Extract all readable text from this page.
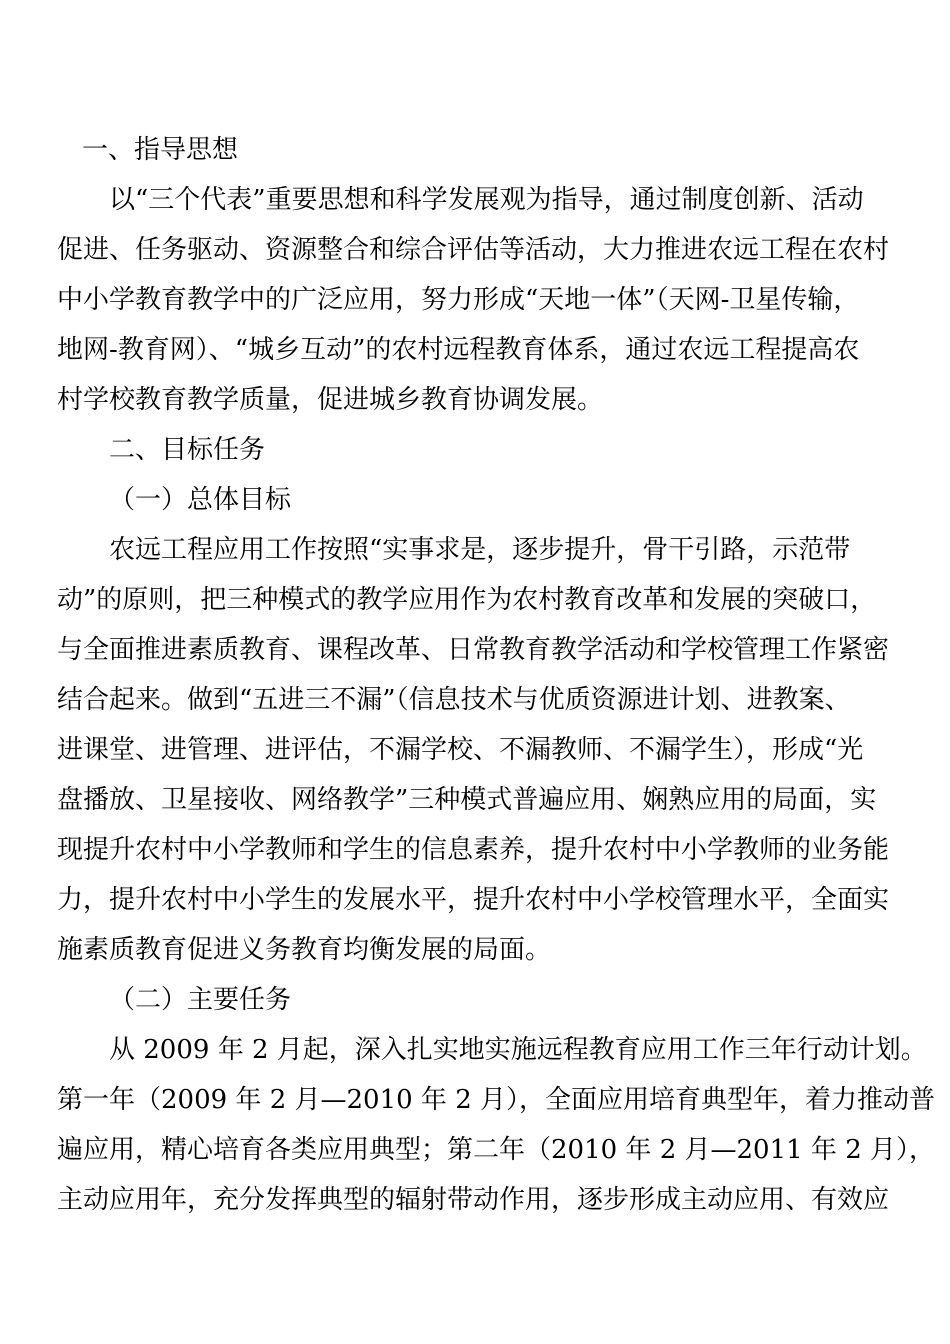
一、指导思想
以“三个代表”重要思想和科学发展观为指导，通过制度创新、活动
促进、任务驱动、资源整合和综合评估等活动，大力推进农远工程在农村
中小学教育教学中的广泛应用，努力形成“天地一体”（天网-卫星传输，
地网-教育网）、“城乡互动”的农村远程教育体系，通过农远工程提高农
村学校教育教学质量，促进城乡教育协调发展。
二、目标任务
（一）总体目标
农远工程应用工作按照“实事求是，逐步提升，骨干引路，示范带
动”的原则，把三种模式的教学应用作为农村教育改革和发展的突破口，
与全面推进素质教育、课程改革、日常教育教学活动和学校管理工作紧密
结合起来。做到“五进三不漏”（信息技术与优质资源进计划、进教案、
进课堂、进管理、进评估，不漏学校、不漏教师、不漏学生），形成“光
盘播放、卫星接收、网络教学”三种模式普遍应用、娴熟应用的局面，实
现提升农村中小学教师和学生的信息素养，提升农村中小学教师的业务能
力，提升农村中小学生的发展水平，提升农村中小学校管理水平，全面实
施素质教育促进义务教育均衡发展的局面。
（二）主要任务
从 2009 年 2 月起，深入扎实地实施远程教育应用工作三年行动计划。
第一年（2009 年 2 月—2010 年 2 月），全面应用培育典型年，着力推动普
遍应用，精心培育各类应用典型；第二年（2010 年 2 月—2011 年 2 月），
主动应用年，充分发挥典型的辐射带动作用，逐步形成主动应用、有效应
